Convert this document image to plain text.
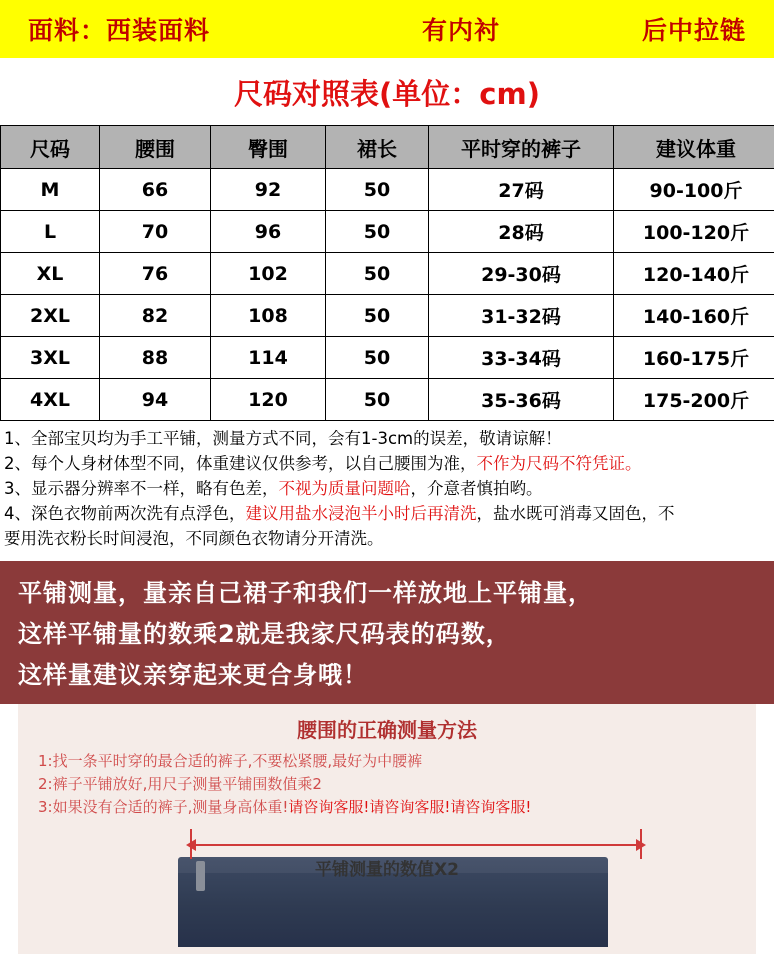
面料：西装面料	有内衬	后中拉链
尺码对照表(单位：cm)
尺码	腰围	臀围	裙长	平时穿的裤子	建议体重
M	66	92	50	27码	90-100斤
L	70	96	50	28码	100-120斤
XL	76	102	50	29-30码	120-140斤
2XL	82	108	50	31-32码	140-160斤
3XL	88	114	50	33-34码	160-175斤
4XL	94	120	50	35-36码	175-200斤

1、全部宝贝均为手工平铺，测量方式不同，会有1-3cm的误差，敬请谅解！

2、每个人身材体型不同，体重建议仅供参考，以自己腰围为准，不作为尺码不符凭证。

3、显示器分辨率不一样，略有色差，不视为质量问题哈，介意者慎拍哟。

4、深色衣物前两次洗有点浮色，建议用盐水浸泡半小时后再清洗，盐水既可消毒又固色，不

要用洗衣粉长时间浸泡，不同颜色衣物请分开清洗。

平铺测量，量亲自己裙子和我们一样放地上平铺量，

这样平铺量的数乘2就是我家尺码表的码数，

这样量建议亲穿起来更合身哦！

腰围的正确测量方法
1:找一条平时穿的最合适的裤子,不要松紧腰,最好为中腰裤
2:裤子平铺放好,用尺子测量平铺围数值乘2
3:如果没有合适的裤子,测量身高体重!请咨询客服!请咨询客服!请咨询客服!
平铺测量的数值X2
